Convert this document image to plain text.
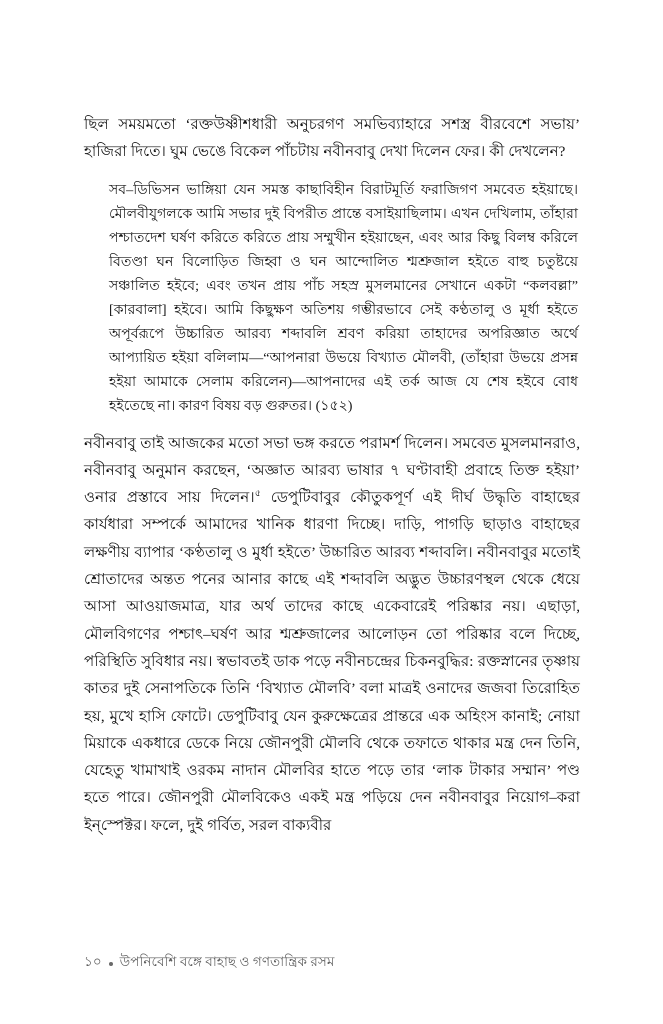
ছিল সময়মতো ‘রক্তউষ্ণীশধারী অনুচরগণ সমভিব্যাহারে সশস্ত্র বীরবেশে সভায়’ হাজিরা দিতে। ঘুম ভেঙে বিকেল পাঁচটায় নবীনবাবু দেখা দিলেন ফের। কী দেখলেন?

সব–ডিভিসন ভাঙ্গিয়া যেন সমস্ত কাছাবিহীন বিরাটমূর্তি ফরাজিগণ সমবেত হইয়াছে। মৌলবীযুগলকে আমি সভার দুই বিপরীত প্রান্তে বসাইয়াছিলাম। এখন দেখিলাম, তাঁহারা পশ্চাতদেশ ঘর্ষণ করিতে করিতে প্রায় সম্মুখীন হইয়াছেন, এবং আর কিছু বিলম্ব করিলে বিতণ্ডা ঘন বিলোড়িত জিহ্বা ও ঘন আন্দোলিত শ্মশ্রুজাল হইতে বাহু চতুষ্টয়ে সঞ্চালিত হইবে; এবং তখন প্রায় পাঁচ সহস্র মুসলমানের সেখানে একটা “কলবল্লা” [কারবালা] হইবে। আমি কিছুক্ষণ অতিশয় গম্ভীরভাবে সেই কণ্ঠতালু ও মূর্ধা হইতে অপূর্বরূপে উচ্চারিত আরব্য শব্দাবলি শ্রবণ করিয়া তাহাদের অপরিজ্ঞাত অর্থে আপ্যায়িত হইয়া বলিলাম—“আপনারা উভয়ে বিখ্যাত মৌলবী, (তাঁহারা উভয়ে প্রসন্ন হইয়া আমাকে সেলাম করিলেন)—আপনাদের এই তর্ক আজ যে শেষ হইবে বোধ হইতেছে না। কারণ বিষয় বড় গুরুতর। (১৫২)

নবীনবাবু তাই আজকের মতো সভা ভঙ্গ করতে পরামর্শ দিলেন। সমবেত মুসলমানরাও, নবীনবাবু অনুমান করছেন, ‘অজ্ঞাত আরব্য ভাষার ৭ ঘণ্টাবাহী প্রবাহে তিক্ত হইয়া’ ওনার প্রস্তাবে সায় দিলেন।$^৫$ ডেপুটিবাবুর কৌতুকপূর্ণ এই দীর্ঘ উদ্ধৃতি বাহাছের কার্যধারা সম্পর্কে আমাদের খানিক ধারণা দিচ্ছে। দাড়ি, পাগড়ি ছাড়াও বাহাছের লক্ষণীয় ব্যাপার ‘কণ্ঠতালু ও মুর্ধা হইতে’ উচ্চারিত আরব্য শব্দাবলি। নবীনবাবুর মতোই শ্রোতাদের অন্তত পনের আনার কাছে এই শব্দাবলি অদ্ভুত উচ্চারণস্থল থেকে ধেয়ে আসা আওয়াজমাত্র, যার অর্থ তাদের কাছে একেবারেই পরিষ্কার নয়। এছাড়া, মৌলবিগণের পশ্চাৎ–ঘর্ষণ আর শ্মশ্রুজালের আলোড়ন তো পরিষ্কার বলে দিচ্ছে, পরিস্থিতি সুবিধার নয়। স্বভাবতই ডাক পড়ে নবীনচন্দ্রের চিকনবুদ্ধির: রক্তস্নানের তৃষ্ণায় কাতর দুই সেনাপতিকে তিনি ‘বিখ্যাত মৌলবি’ বলা মাত্রই ওনাদের জজবা তিরোহিত হয়, মুখে হাসি ফোটে। ডেপুটিবাবু যেন কুরুক্ষেত্রের প্রান্তরে এক অহিংস কানাই; নোয়া মিয়াকে একধারে ডেকে নিয়ে জৌনপুরী মৌলবি থেকে তফাতে থাকার মন্ত্র দেন তিনি, যেহেতু খামাখাই ওরকম নাদান মৌলবির হাতে পড়ে তার ‘লাক টাকার সম্মান’ পণ্ড হতে পারে। জৌনপুরী মৌলবিকেও একই মন্ত্র পড়িয়ে দেন নবীনবাবুর নিয়োগ–করা ইন্‌স্পেক্টর। ফলে, দুই গর্বিত, সরল বাক্যবীর

১০ উপনিবেশি বঙ্গে বাহাছ ও গণতান্ত্রিক রসম
